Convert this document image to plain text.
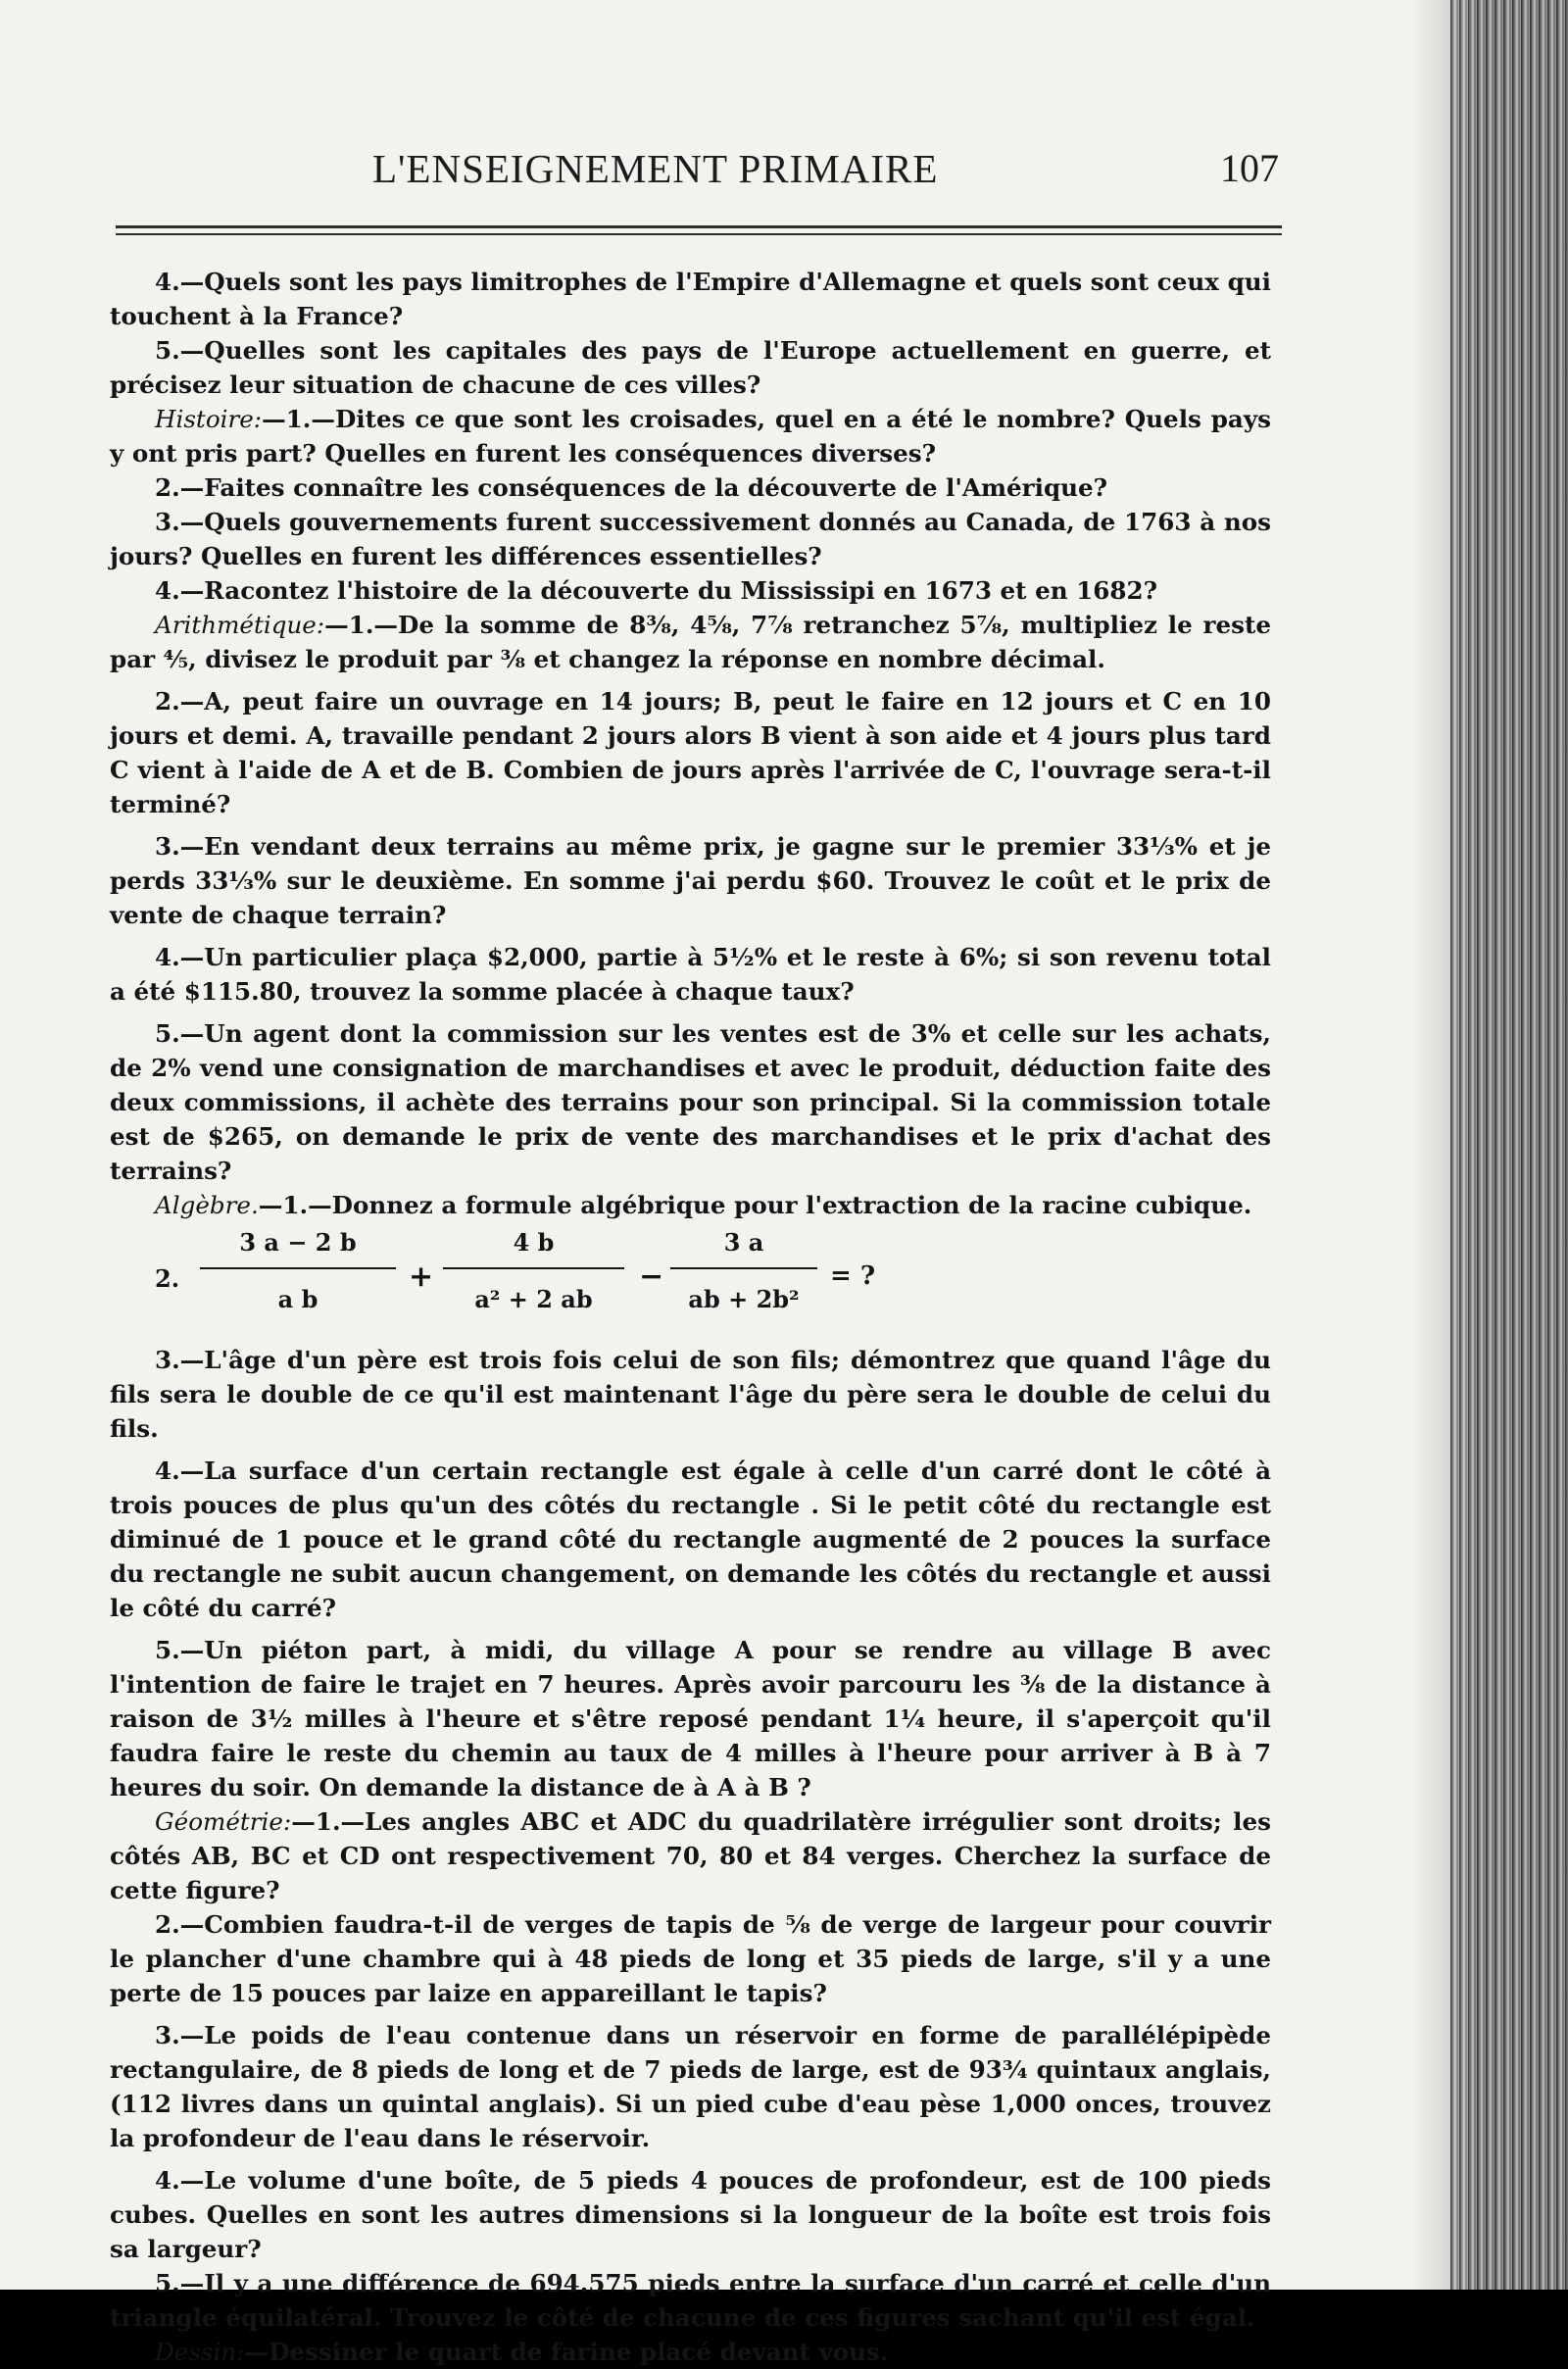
L'ENSEIGNEMENT PRIMAIRE	107

4.—Quels sont les pays limitrophes de l'Empire d'Allemagne et quels sont ceux qui touchent à la France?

5.—Quelles sont les capitales des pays de l'Europe actuellement en guerre, et précisez leur situation de chacune de ces villes?

Histoire:—1.—Dites ce que sont les croisades, quel en a été le nombre? Quels pays y ont pris part? Quelles en furent les conséquences diverses?

2.—Faites connaître les conséquences de la découverte de l'Amérique?

3.—Quels gouvernements furent successivement donnés au Canada, de 1763 à nos jours? Quelles en furent les différences essentielles?

4.—Racontez l'histoire de la découverte du Mississipi en 1673 et en 1682?

Arithmétique:—1.—De la somme de 8⅜, 4⅝, 7⅞ retranchez 5⅞, multipliez le reste par ⅘, divisez le produit par ⅜ et changez la réponse en nombre décimal.

2.—A, peut faire un ouvrage en 14 jours; B, peut le faire en 12 jours et C en 10 jours et demi. A, travaille pendant 2 jours alors B vient à son aide et 4 jours plus tard C vient à l'aide de A et de B. Combien de jours après l'arrivée de C, l'ouvrage sera-t-il terminé?

3.—En vendant deux terrains au même prix, je gagne sur le premier 33⅓% et je perds 33⅓% sur le deuxième. En somme j'ai perdu $60. Trouvez le coût et le prix de vente de chaque terrain?

4.—Un particulier plaça $2,000, partie à 5½% et le reste à 6%; si son revenu total a été $115.80, trouvez la somme placée à chaque taux?

5.—Un agent dont la commission sur les ventes est de 3% et celle sur les achats, de 2% vend une consignation de marchandises et avec le produit, déduction faite des deux commissions, il achète des terrains pour son principal. Si la commission totale est de $265, on demande le prix de vente des marchandises et le prix d'achat des terrains?

Algèbre.—1.—Donnez a formule algébrique pour l'extraction de la racine cubique.

2.
3 a − 2 b
a b
+
4 b
a² + 2 ab
−
3 a
ab + 2b²
= ?

3.—L'âge d'un père est trois fois celui de son fils; démontrez que quand l'âge du fils sera le double de ce qu'il est maintenant l'âge du père sera le double de celui du fils.

4.—La surface d'un certain rectangle est égale à celle d'un carré dont le côté à trois pouces de plus qu'un des côtés du rectangle . Si le petit côté du rectangle est diminué de 1 pouce et le grand côté du rectangle augmenté de 2 pouces la surface du rectangle ne subit aucun changement, on demande les côtés du rectangle et aussi le côté du carré?

5.—Un piéton part, à midi, du village A pour se rendre au village B avec l'intention de faire le trajet en 7 heures. Après avoir parcouru les ⅜ de la distance à raison de 3½ milles à l'heure et s'être reposé pendant 1¼ heure, il s'aperçoit qu'il faudra faire le reste du chemin au taux de 4 milles à l'heure pour arriver à B à 7 heures du soir. On demande la distance de à A à B ?

Géométrie:—1.—Les angles ABC et ADC du quadrilatère irrégulier sont droits; les côtés AB, BC et CD ont respectivement 70, 80 et 84 verges. Cherchez la surface de cette figure?

2.—Combien faudra-t-il de verges de tapis de ⅝ de verge de largeur pour couvrir le plancher d'une chambre qui à 48 pieds de long et 35 pieds de large, s'il y a une perte de 15 pouces par laize en appareillant le tapis?

3.—Le poids de l'eau contenue dans un réservoir en forme de parallélépipède rectangulaire, de 8 pieds de long et de 7 pieds de large, est de 93¾ quintaux anglais, (112 livres dans un quintal anglais). Si un pied cube d'eau pèse 1,000 onces, trouvez la profondeur de l'eau dans le réservoir.

4.—Le volume d'une boîte, de 5 pieds 4 pouces de profondeur, est de 100 pieds cubes. Quelles en sont les autres dimensions si la longueur de la boîte est trois fois sa largeur?

5.—Il y a une différence de 694.575 pieds entre la surface d'un carré et celle d'un triangle équilatéral. Trouvez le côté de chacune de ces figures sachant qu'il est égal.

Dessin:—Dessiner le quart de farine placé devant vous.
